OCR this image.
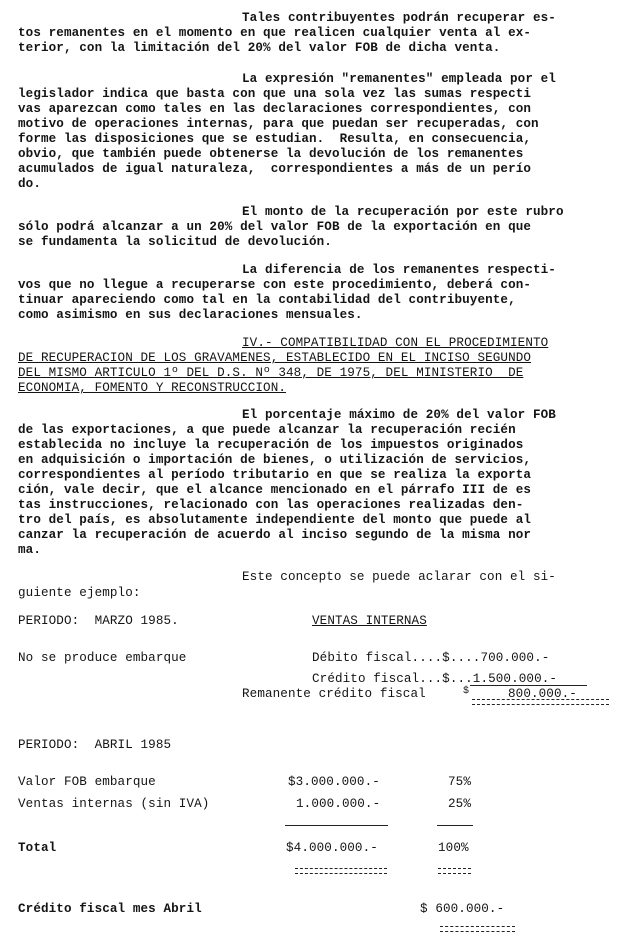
Tales contribuyentes podrán recuperar es-
tos remanentes en el momento en que realicen cualquier venta al ex-
terior, con la limitación del 20% del valor FOB de dicha venta.
La expresión "remanentes" empleada por el
legislador indica que basta con que una sola vez las sumas respecti
vas aparezcan como tales en las declaraciones correspondientes, con
motivo de operaciones internas, para que puedan ser recuperadas, con
forme las disposiciones que se estudian.  Resulta, en consecuencia,
obvio, que también puede obtenerse la devolución de los remanentes
acumulados de igual naturaleza,  correspondientes a más de un perío
do.
El monto de la recuperación por este rubro
sólo podrá alcanzar a un 20% del valor FOB de la exportación en que
se fundamenta la solicitud de devolución.
La diferencia de los remanentes respecti-
vos que no llegue a recuperarse con este procedimiento, deberá con-
tinuar apareciendo como tal en la contabilidad del contribuyente,
como asimismo en sus declaraciones mensuales.
IV.- COMPATIBILIDAD CON EL PROCEDIMIENTO
DE RECUPERACION DE LOS GRAVAMENES, ESTABLECIDO EN EL INCISO SEGUNDO
DEL MISMO ARTICULO 1º DEL D.S. Nº 348, DE 1975, DEL MINISTERIO  DE
ECONOMIA, FOMENTO Y RECONSTRUCCION.
El porcentaje máximo de 20% del valor FOB
de las exportaciones, a que puede alcanzar la recuperación recién
establecida no incluye la recuperación de los impuestos originados
en adquisición o importación de bienes, o utilización de servicios,
correspondientes al período tributario en que se realiza la exporta
ción, vale decir, que el alcance mencionado en el párrafo III de es
tas instrucciones, relacionado con las operaciones realizadas den-
tro del país, es absolutamente independiente del monto que puede al
canzar la recuperación de acuerdo al inciso segundo de la misma nor
ma.
Este concepto se puede aclarar con el si-
guiente ejemplo:
PERIODO:  MARZO 1985.	VENTAS INTERNAS
No se produce embarque	Débito fiscal....$....700.000.-
Crédito fiscal...$...1.500.000.-
Remanente crédito fiscal	$	800.000.-
PERIODO:  ABRIL 1985
Valor FOB embarque	$3.000.000.-	75%
Ventas internas (sin IVA)	1.000.000.-	25%
Total	$4.000.000.-	100%
Crédito fiscal mes Abril	$ 600.000.-
